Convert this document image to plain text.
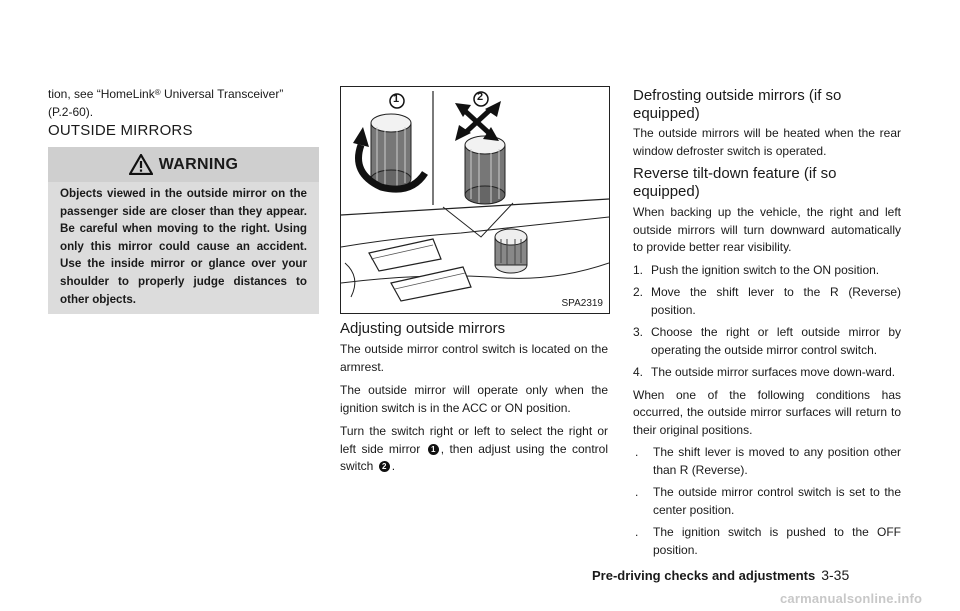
tion, see “HomeLink® Universal Transceiver”
(P.2-60).

OUTSIDE MIRRORS
WARNING
Objects viewed in the outside mirror on the passenger side are closer than they appear. Be careful when moving to the right. Using only this mirror could cause an accident. Use the inside mirror or glance over your shoulder to properly judge distances to other objects.
1	2
SPA2319
Adjusting outside mirrors

The outside mirror control switch is located on the armrest.

The outside mirror will operate only when the ignition switch is in the ACC or ON position.

Turn the switch right or left to select the right or left side mirror 1 , then adjust using the control switch 2 .

Defrosting outside mirrors (if so equipped)

The outside mirrors will be heated when the rear window defroster switch is operated.

Reverse tilt-down feature (if so equipped)

When backing up the vehicle, the right and left outside mirrors will turn downward automatically to provide better rear visibility.

1. Push the ignition switch to the ON position.
2. Move the shift lever to the R (Reverse) position.
3. Choose the right or left outside mirror by operating the outside mirror control switch.
4. The outside mirror surfaces move down-ward.

When one of the following conditions has occurred, the outside mirror surfaces will return to their original positions.

.	The shift lever is moved to any position other than R (Reverse).
.	The outside mirror control switch is set to the center position.
.	The ignition switch is pushed to the OFF position.
Pre-driving checks and adjustments 3-35
carmanualsonline.info
